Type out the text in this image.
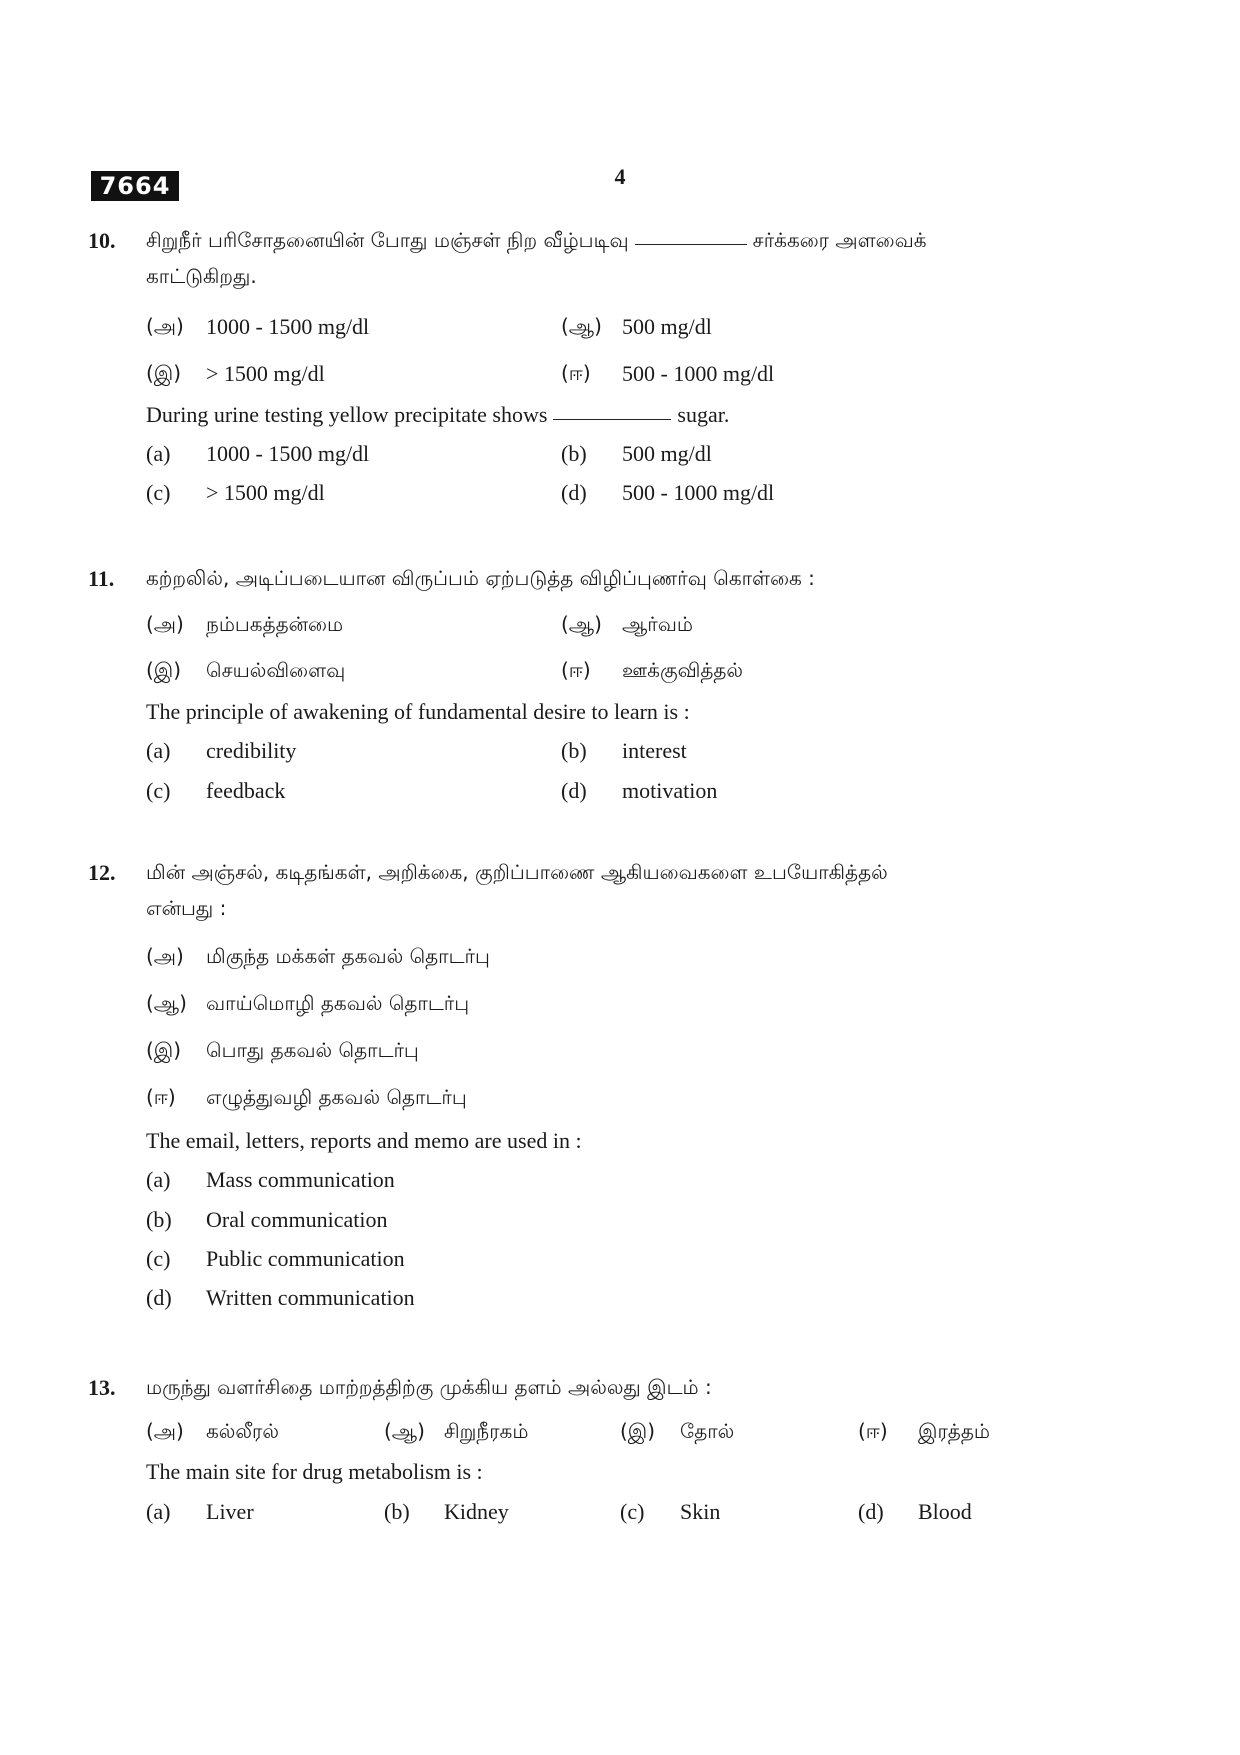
7664	4
10. சிறுநீர் பரிசோதனையின் போது மஞ்சள் நிற வீழ்படிவு	சர்க்கரை அளவைக்
காட்டுகிறது.
(அ) 1000 - 1500 mg/dl	(ஆ) 500 mg/dl
(இ) > 1500 mg/dl	(ஈ) 500 - 1000 mg/dl
During urine testing yellow precipitate shows	sugar.
(a) 1000 - 1500 mg/dl	(b) 500 mg/dl
(c) > 1500 mg/dl	(d) 500 - 1000 mg/dl
11. கற்றலில், அடிப்படையான விருப்பம் ஏற்படுத்த விழிப்புணர்வு கொள்கை :
(அ) நம்பகத்தன்மை	(ஆ) ஆர்வம்
(இ) செயல்விளைவு	(ஈ) ஊக்குவித்தல்
The principle of awakening of fundamental desire to learn is :
(a) credibility	(b) interest
(c) feedback	(d) motivation
12. மின் அஞ்சல், கடிதங்கள், அறிக்கை, குறிப்பாணை ஆகியவைகளை உபயோகித்தல்
என்பது :
(அ) மிகுந்த மக்கள் தகவல் தொடர்பு
(ஆ) வாய்மொழி தகவல் தொடர்பு
(இ) பொது தகவல் தொடர்பு
(ஈ) எழுத்துவழி தகவல் தொடர்பு
The email, letters, reports and memo are used in :
(a) Mass communication
(b) Oral communication
(c) Public communication
(d) Written communication
13. மருந்து வளர்சிதை மாற்றத்திற்கு முக்கிய தளம் அல்லது இடம் :
(அ) கல்லீரல்	(ஆ) சிறுநீரகம்	(இ) தோல்	(ஈ) இரத்தம்
The main site for drug metabolism is :
(a) Liver	(b) Kidney	(c) Skin	(d) Blood
